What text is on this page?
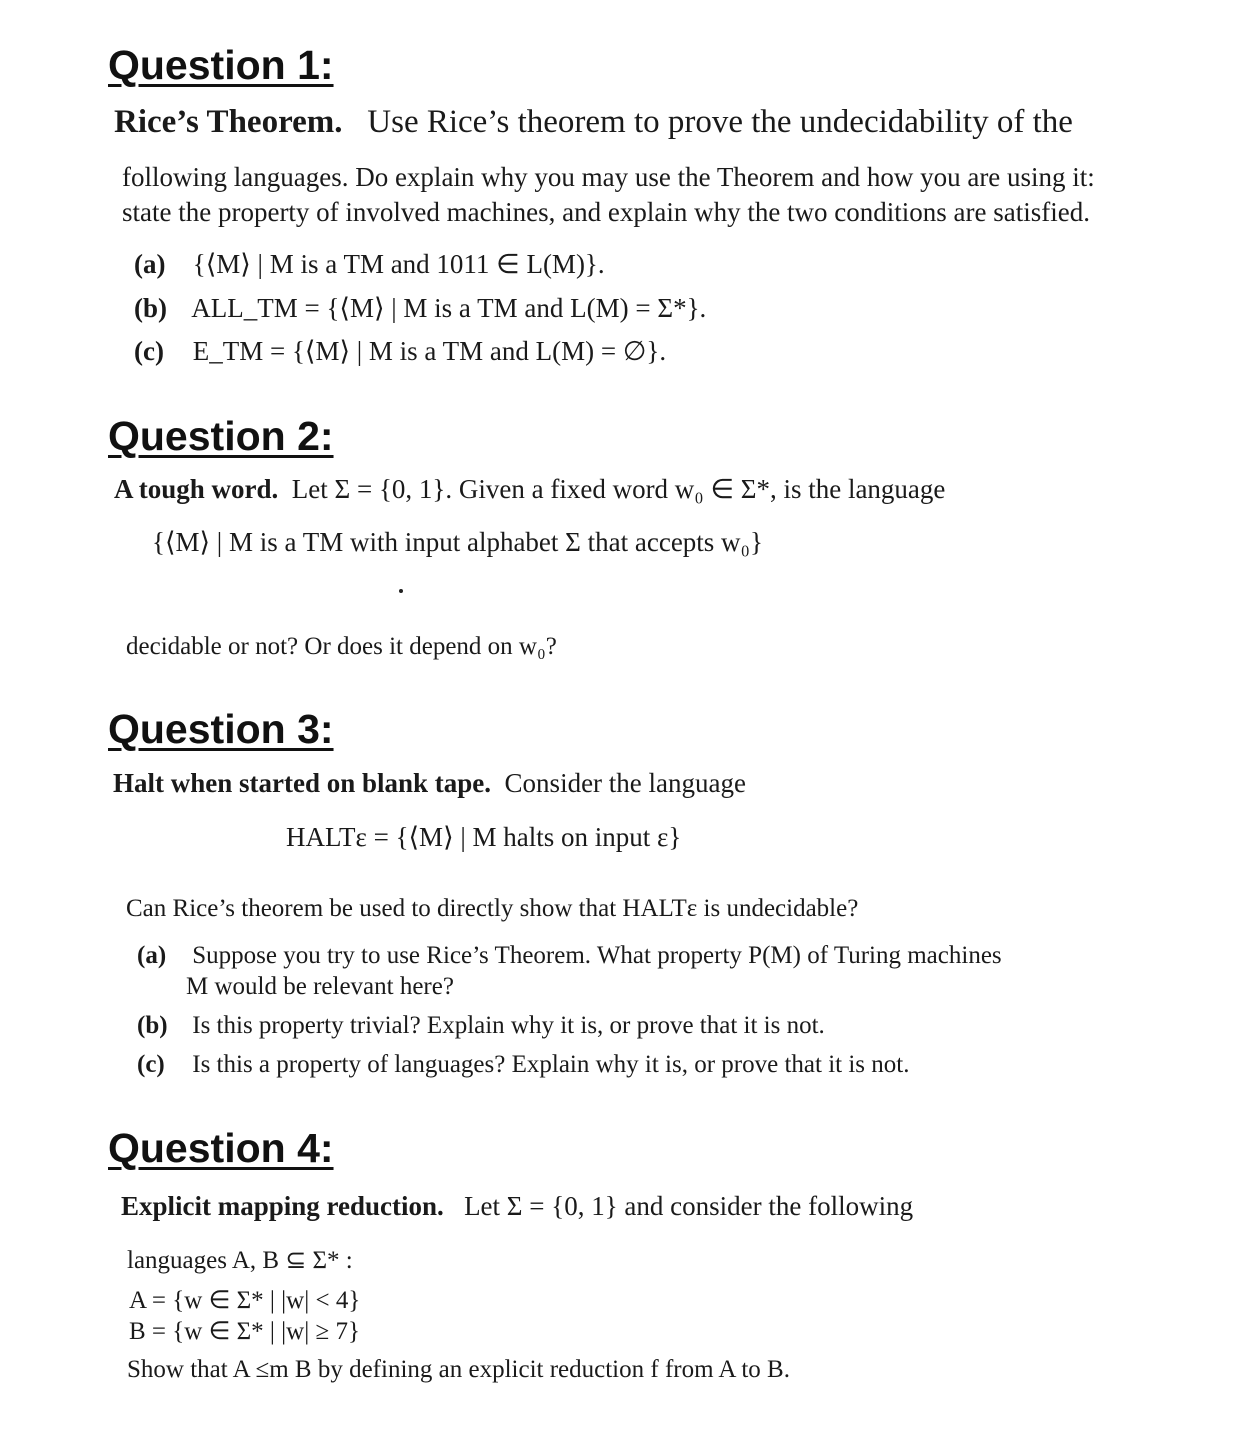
Question 1:
Rice’s Theorem. Use Rice’s theorem to prove the undecidability of the
following languages. Do explain why you may use the Theorem and how you are using it:
state the property of involved machines, and explain why the two conditions are satisfied.
(a) {⟨M⟩ | M is a TM and 1011 ∈ L(M)}.
(b) ALL_TM = {⟨M⟩ | M is a TM and L(M) = Σ*}.
(c) E_TM = {⟨M⟩ | M is a TM and L(M) = ∅}.
Question 2:
A tough word. Let Σ = {0, 1}. Given a fixed word w₀ ∈ Σ*, is the language
{⟨M⟩ | M is a TM with input alphabet Σ that accepts w₀}
decidable or not? Or does it depend on w₀?
Question 3:
Halt when started on blank tape. Consider the language
HALTε = {⟨M⟩ | M halts on input ε}
Can Rice’s theorem be used to directly show that HALTε is undecidable?
(a) Suppose you try to use Rice’s Theorem. What property P(M) of Turing machines
M would be relevant here?
(b) Is this property trivial? Explain why it is, or prove that it is not.
(c) Is this a property of languages? Explain why it is, or prove that it is not.
Question 4:
Explicit mapping reduction. Let Σ = {0, 1} and consider the following
languages A, B ⊆ Σ* :
A = {w ∈ Σ* | |w| < 4}
B = {w ∈ Σ* | |w| ≥ 7}
Show that A ≤m B by defining an explicit reduction f from A to B.
